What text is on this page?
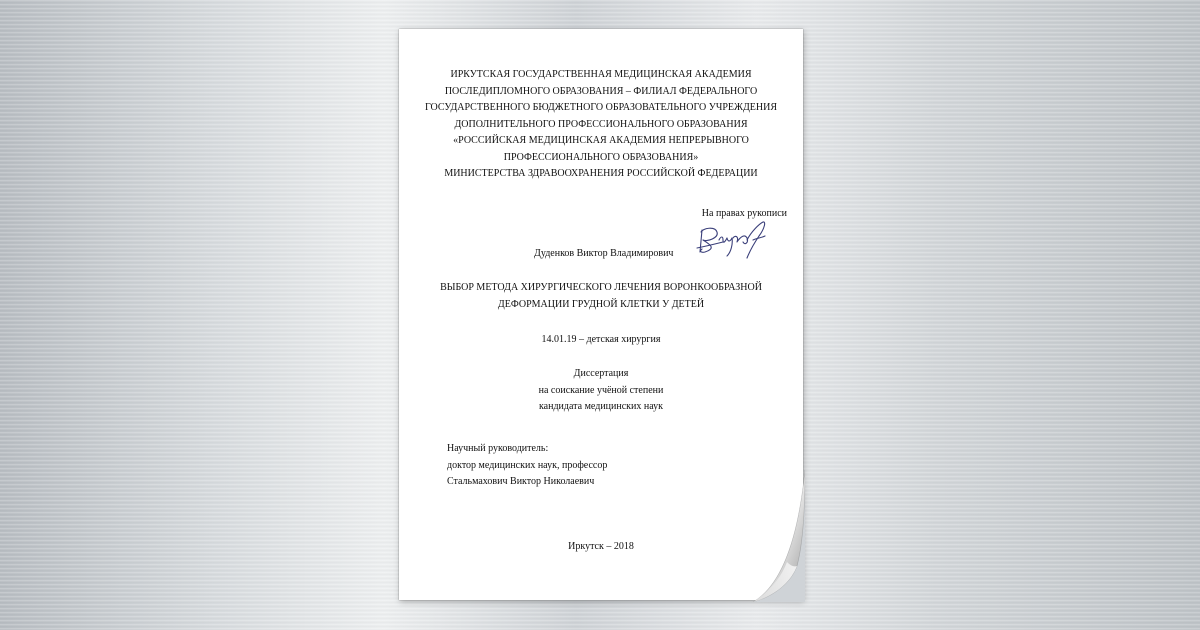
ИРКУТСКАЯ ГОСУДАРСТВЕННАЯ МЕДИЦИНСКАЯ АКАДЕМИЯ
ПОСЛЕДИПЛОМНОГО ОБРАЗОВАНИЯ – ФИЛИАЛ ФЕДЕРАЛЬНОГО
ГОСУДАРСТВЕННОГО БЮДЖЕТНОГО ОБРАЗОВАТЕЛЬНОГО УЧРЕЖДЕНИЯ
ДОПОЛНИТЕЛЬНОГО ПРОФЕССИОНАЛЬНОГО ОБРАЗОВАНИЯ
«РОССИЙСКАЯ МЕДИЦИНСКАЯ АКАДЕМИЯ НЕПРЕРЫВНОГО
ПРОФЕССИОНАЛЬНОГО ОБРАЗОВАНИЯ»
МИНИСТЕРСТВА ЗДРАВООХРАНЕНИЯ РОССИЙСКОЙ ФЕДЕРАЦИИ
На правах рукописи
Дуденков Виктор Владимирович
ВЫБОР МЕТОДА ХИРУРГИЧЕСКОГО ЛЕЧЕНИЯ ВОРОНКООБРАЗНОЙ
ДЕФОРМАЦИИ ГРУДНОЙ КЛЕТКИ У ДЕТЕЙ
14.01.19 – детская хирургия
Диссертация
на соискание учёной степени
кандидата медицинских наук
Научный руководитель:
доктор медицинских наук, профессор
Стальмахович Виктор Николаевич
Иркутск – 2018
